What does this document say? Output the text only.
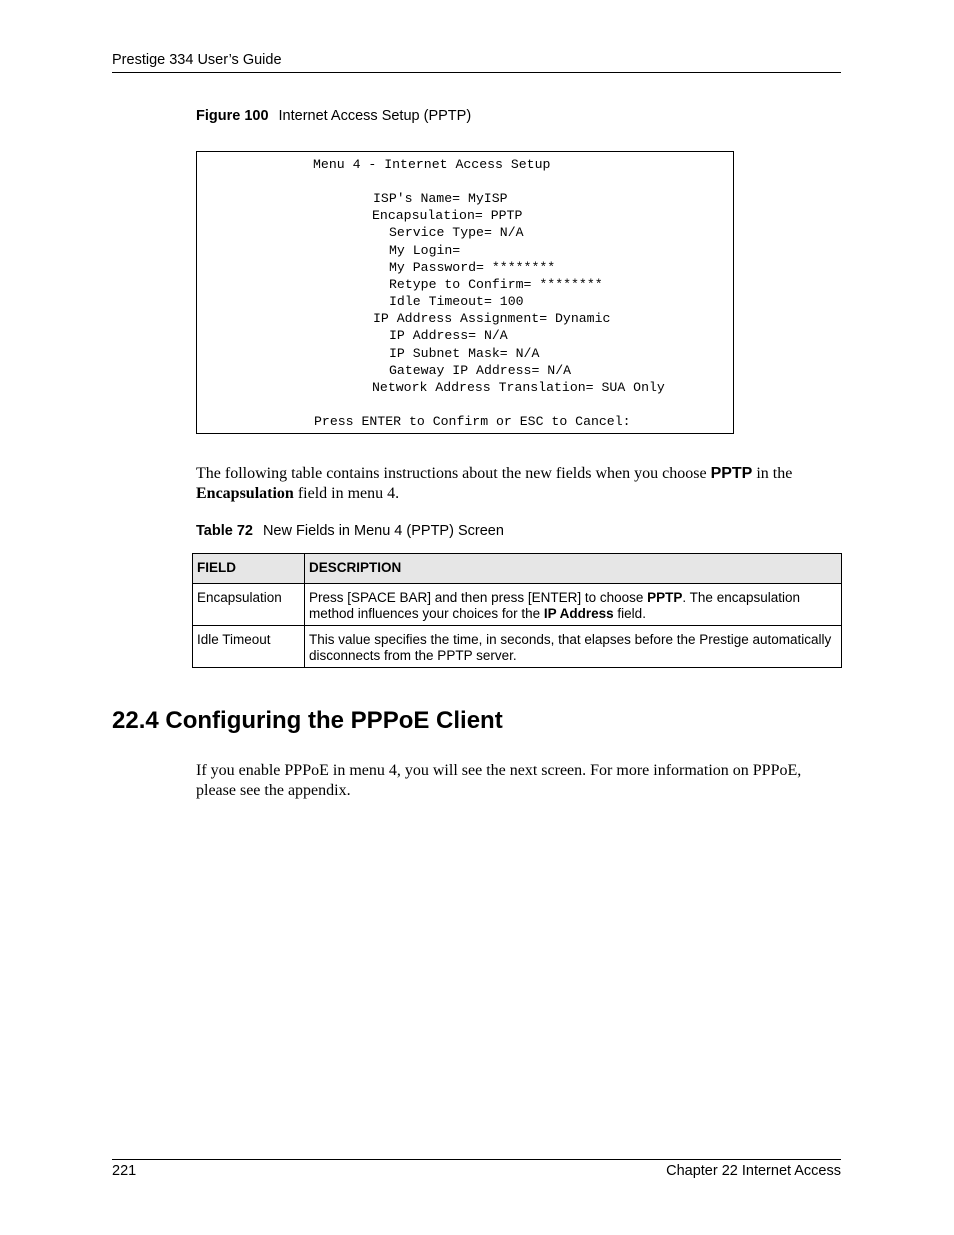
Prestige 334 User’s Guide
Figure 100 Internet Access Setup (PPTP)
Menu 4 - Internet Access Setup
ISP's Name= MyISP
Encapsulation= PPTP
Service Type= N/A
My Login=
My Password= ********
Retype to Confirm= ********
Idle Timeout= 100
IP Address Assignment= Dynamic
IP Address= N/A
IP Subnet Mask= N/A
Gateway IP Address= N/A
Network Address Translation= SUA Only
Press ENTER to Confirm or ESC to Cancel:
The following table contains instructions about the new fields when you choose PPTP in the Encapsulation field in menu 4.
Table 72 New Fields in Menu 4 (PPTP) Screen
FIELD	DESCRIPTION
Encapsulation	Press [SPACE BAR] and then press [ENTER] to choose PPTP. The encapsulation method influences your choices for the IP Address field.
Idle Timeout	This value specifies the time, in seconds, that elapses before the Prestige automatically disconnects from the PPTP server.
22.4 Configuring the PPPoE Client
If you enable PPPoE in menu 4, you will see the next screen. For more information on PPPoE, please see the appendix.
221	Chapter 22 Internet Access
